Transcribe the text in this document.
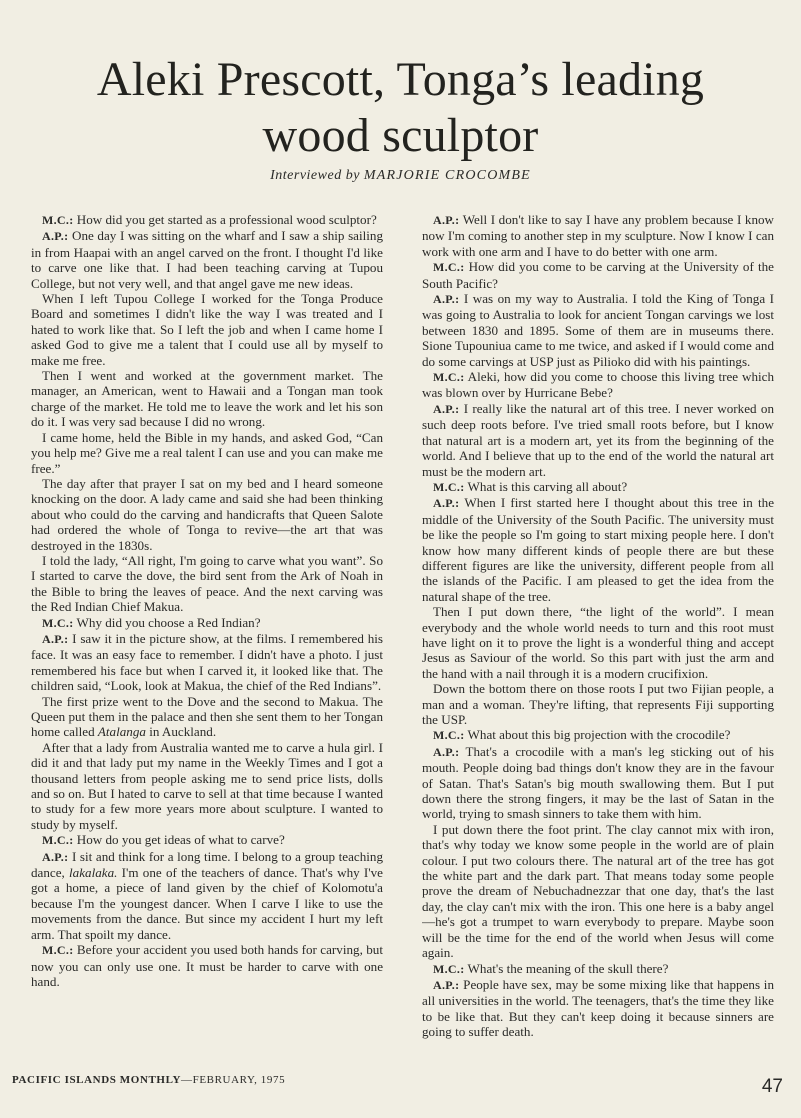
Aleki Prescott, Tonga’s leading
wood sculptor
Interviewed by MARJORIE CROCOMBE

M.C.: How did you get started as a professional wood sculptor?

A.P.: One day I was sitting on the wharf and I saw a ship sailing in from Haapai with an angel carved on the front. I thought I'd like to carve one like that. I had been teaching carving at Tupou College, but not very well, and that angel gave me new ideas.

When I left Tupou College I worked for the Tonga Produce Board and sometimes I didn't like the way I was treated and I hated to work like that. So I left the job and when I came home I asked God to give me a talent that I could use all by myself to make me free.

Then I went and worked at the government market. The manager, an American, went to Hawaii and a Tongan man took charge of the market. He told me to leave the work and let his son do it. I was very sad because I did no wrong.

I came home, held the Bible in my hands, and asked God, “Can you help me? Give me a real talent I can use and you can make me free.”

The day after that prayer I sat on my bed and I heard someone knocking on the door. A lady came and said she had been thinking about who could do the carving and handicrafts that Queen Salote had ordered the whole of Tonga to revive—the art that was destroyed in the 1830s.

I told the lady, “All right, I'm going to carve what you want”. So I started to carve the dove, the bird sent from the Ark of Noah in the Bible to bring the leaves of peace. And the next carving was the Red Indian Chief Makua.

M.C.: Why did you choose a Red Indian?

A.P.: I saw it in the picture show, at the films. I remembered his face. It was an easy face to remember. I didn't have a photo. I just remembered his face but when I carved it, it looked like that. The children said, “Look, look at Makua, the chief of the Red Indians”.

The first prize went to the Dove and the second to Makua. The Queen put them in the palace and then she sent them to her Tongan home called Atalanga in Auckland.

After that a lady from Australia wanted me to carve a hula girl. I did it and that lady put my name in the Weekly Times and I got a thousand letters from people asking me to send price lists, dolls and so on. But I hated to carve to sell at that time because I wanted to study for a few more years more about sculpture. I wanted to study by myself.

M.C.: How do you get ideas of what to carve?

A.P.: I sit and think for a long time. I belong to a group teaching dance, lakalaka. I'm one of the teachers of dance. That's why I've got a home, a piece of land given by the chief of Kolomotu'a because I'm the youngest dancer. When I carve I like to use the movements from the dance. But since my accident I hurt my left arm. That spoilt my dance.

M.C.: Before your accident you used both hands for carving, but now you can only use one. It must be harder to carve with one hand.

A.P.: Well I don't like to say I have any problem because I know now I'm coming to another step in my sculpture. Now I know I can work with one arm and I have to do better with one arm.

M.C.: How did you come to be carving at the University of the South Pacific?

A.P.: I was on my way to Australia. I told the King of Tonga I was going to Australia to look for ancient Tongan carvings we lost between 1830 and 1895. Some of them are in museums there. Sione Tupouniua came to me twice, and asked if I would come and do some carvings at USP just as Pilioko did with his paintings.

M.C.: Aleki, how did you come to choose this living tree which was blown over by Hurricane Bebe?

A.P.: I really like the natural art of this tree. I never worked on such deep roots before. I've tried small roots before, but I know that natural art is a modern art, yet its from the beginning of the world. And I believe that up to the end of the world the natural art must be the modern art.

M.C.: What is this carving all about?

A.P.: When I first started here I thought about this tree in the middle of the University of the South Pacific. The university must be like the people so I'm going to start mixing people here. I don't know how many different kinds of people there are but these different figures are like the university, different people from all the islands of the Pacific. I am pleased to get the idea from the natural shape of the tree.

Then I put down there, “the light of the world”. I mean everybody and the whole world needs to turn and this root must have light on it to prove the light is a wonderful thing and accept Jesus as Saviour of the world. So this part with just the arm and the hand with a nail through it is a modern crucifixion.

Down the bottom there on those roots I put two Fijian people, a man and a woman. They're lifting, that represents Fiji supporting the USP.

M.C.: What about this big projection with the crocodile?

A.P.: That's a crocodile with a man's leg sticking out of his mouth. People doing bad things don't know they are in the favour of Satan. That's Satan's big mouth swallowing them. But I put down there the strong fingers, it may be the last of Satan in the world, trying to smash sinners to take them with him.

I put down there the foot print. The clay cannot mix with iron, that's why today we know some people in the world are of plain colour. I put two colours there. The natural art of the tree has got the white part and the dark part. That means today some people prove the dream of Nebuchadnezzar that one day, that's the last day, the clay can't mix with the iron. This one here is a baby angel—he's got a trumpet to warn everybody to prepare. Maybe soon will be the time for the end of the world when Jesus will come again.

M.C.: What's the meaning of the skull there?

A.P.: People have sex, may be some mixing like that happens in all universities in the world. The teenagers, that's the time they like to be like that. But they can't keep doing it because sinners are going to suffer death.

PACIFIC ISLANDS MONTHLY—FEBRUARY, 1975	47
